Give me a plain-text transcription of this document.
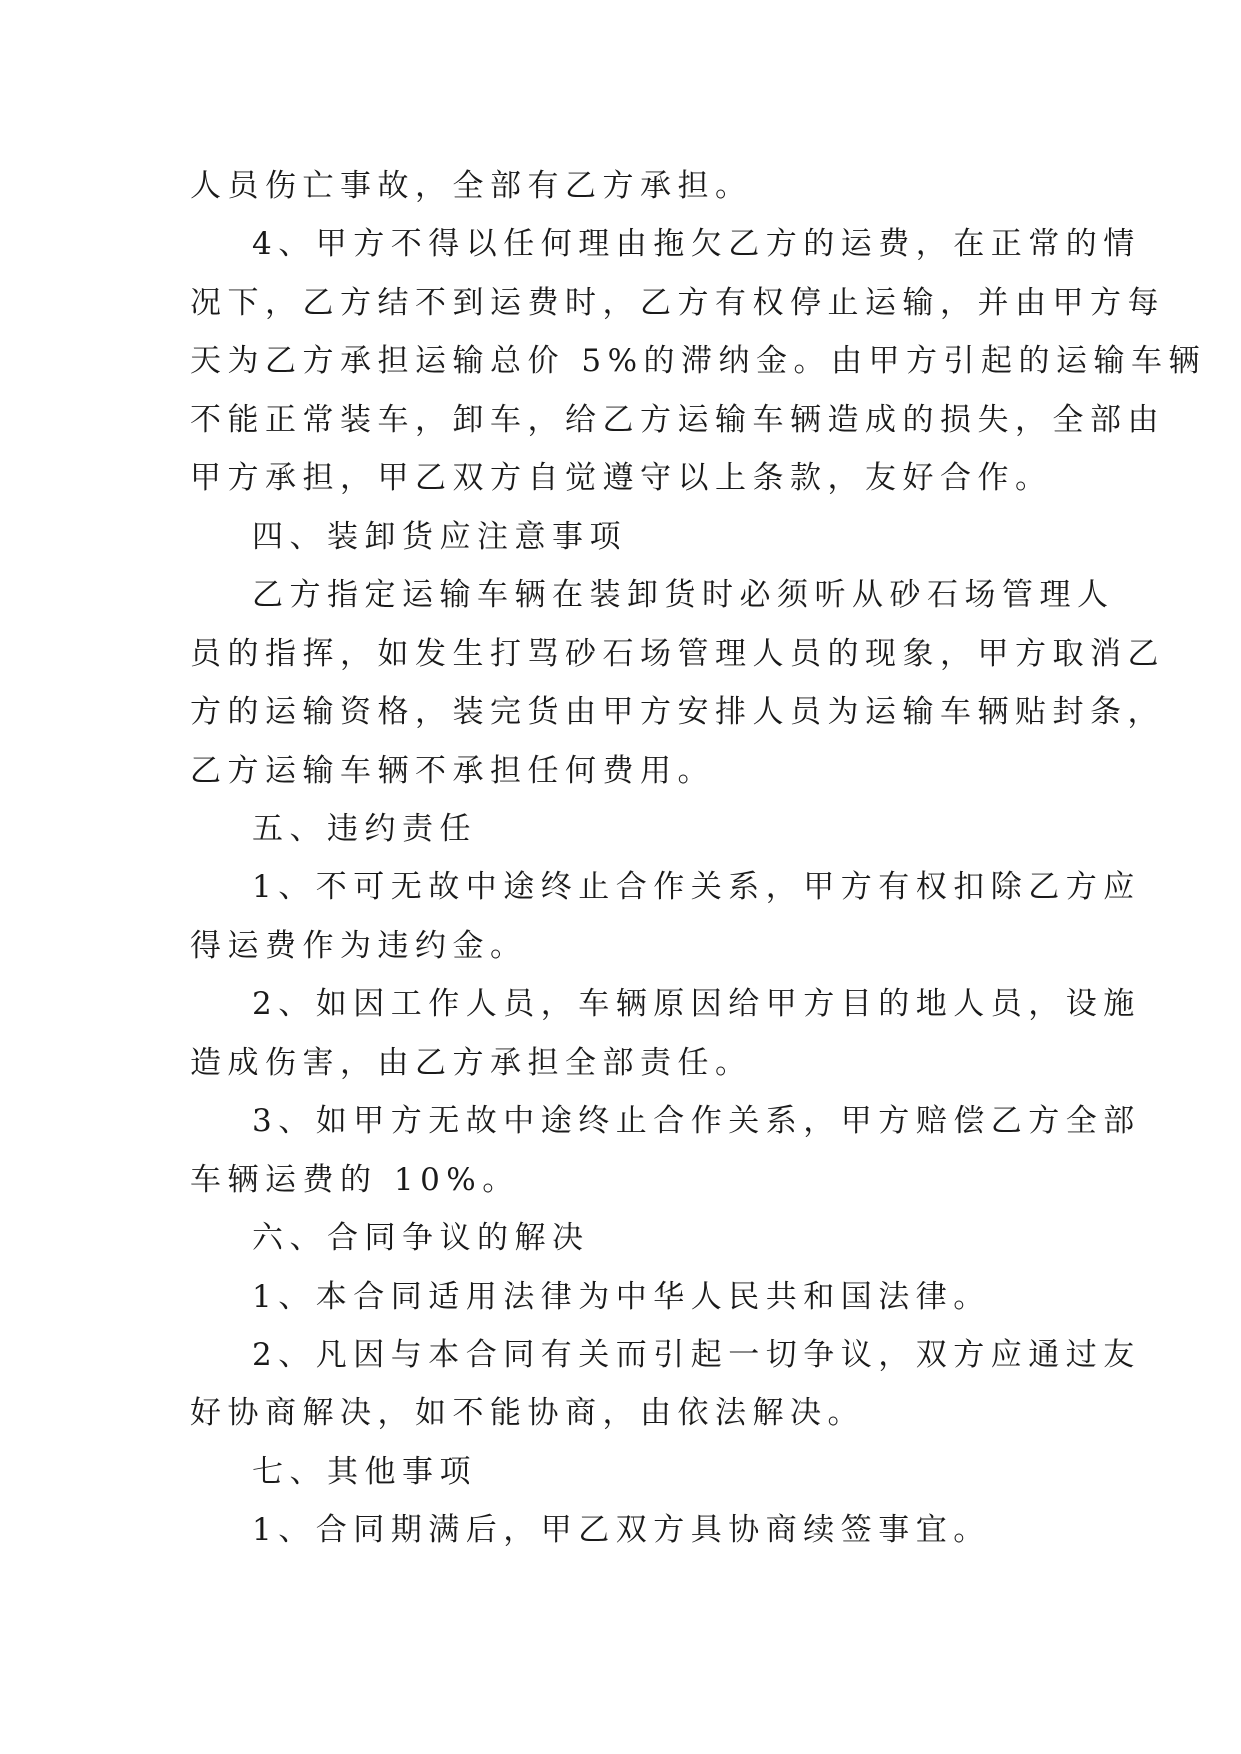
人员伤亡事故，全部有乙方承担。
4、甲方不得以任何理由拖欠乙方的运费，在正常的情
况下，乙方结不到运费时，乙方有权停止运输，并由甲方每
天为乙方承担运输总价 5%的滞纳金。由甲方引起的运输车辆
不能正常装车，卸车，给乙方运输车辆造成的损失，全部由
甲方承担，甲乙双方自觉遵守以上条款，友好合作。
四、装卸货应注意事项
乙方指定运输车辆在装卸货时必须听从砂石场管理人
员的指挥，如发生打骂砂石场管理人员的现象，甲方取消乙
方的运输资格，装完货由甲方安排人员为运输车辆贴封条，
乙方运输车辆不承担任何费用。
五、违约责任
1、不可无故中途终止合作关系，甲方有权扣除乙方应
得运费作为违约金。
2、如因工作人员，车辆原因给甲方目的地人员，设施
造成伤害，由乙方承担全部责任。
3、如甲方无故中途终止合作关系，甲方赔偿乙方全部
车辆运费的 10%。
六、合同争议的解决
1、本合同适用法律为中华人民共和国法律。
2、凡因与本合同有关而引起一切争议，双方应通过友
好协商解决，如不能协商，由依法解决。
七、其他事项
1、合同期满后，甲乙双方具协商续签事宜。
